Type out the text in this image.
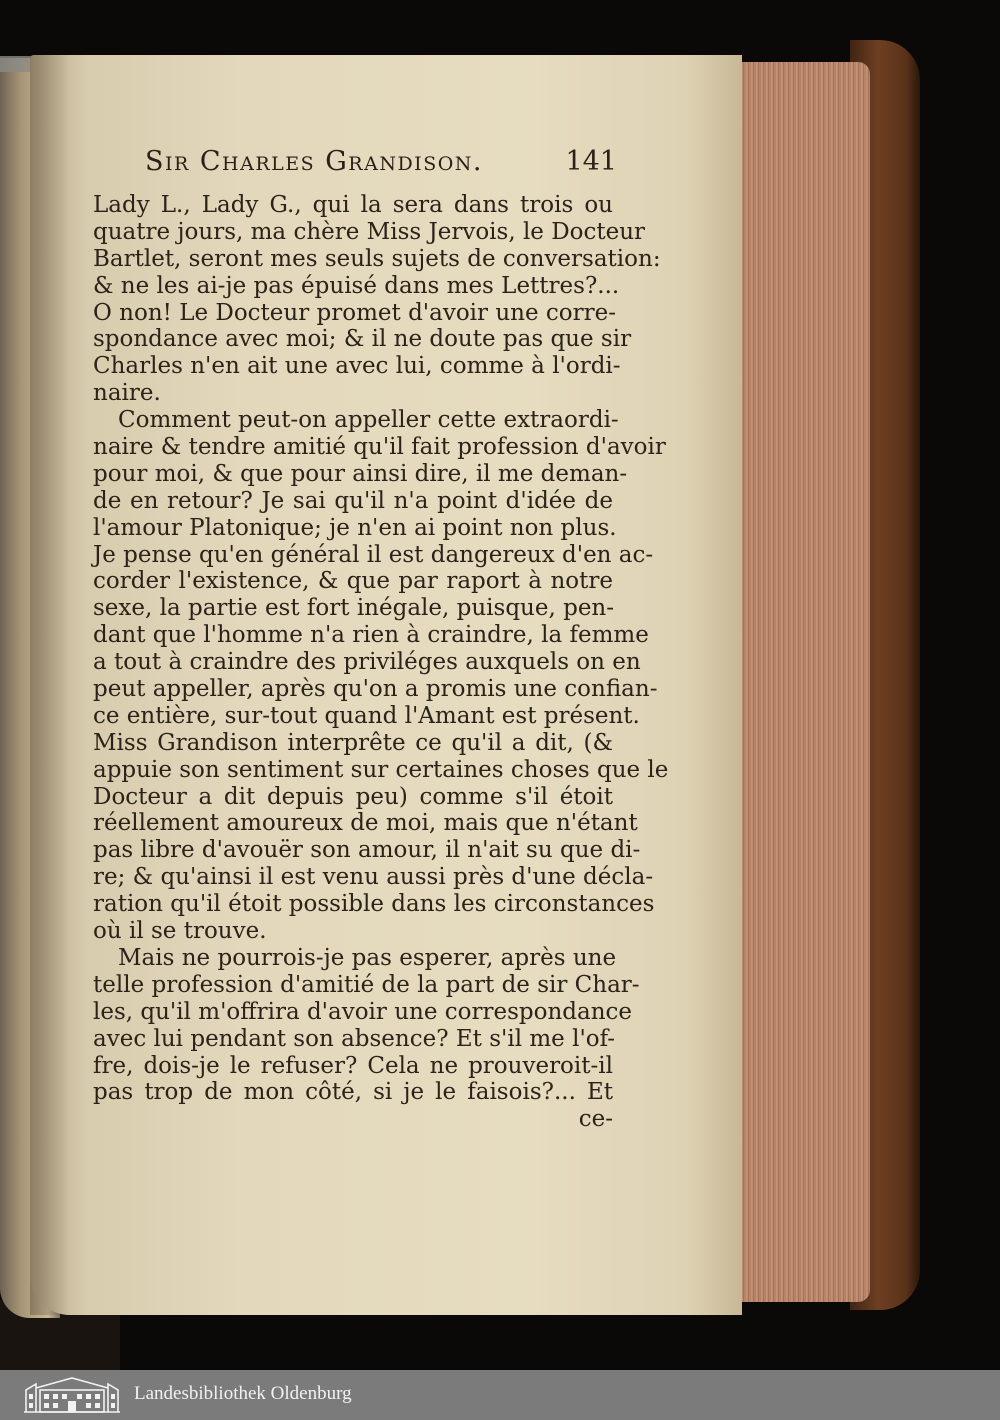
Sir Charles Grandison.	141
Lady L., Lady G., qui la sera dans trois ou
quatre jours, ma chère Miss Jervois, le Docteur
Bartlet, seront mes seuls sujets de conversation:
& ne les ai-je pas épuisé dans mes Lettres?...
O non! Le Docteur promet d'avoir une corre-
spondance avec moi; & il ne doute pas que sir
Charles n'en ait une avec lui, comme à l'ordi-
naire.
Comment peut-on appeller cette extraordi-
naire & tendre amitié qu'il fait profession d'avoir
pour moi, & que pour ainsi dire, il me deman-
de en retour? Je sai qu'il n'a point d'idée de
l'amour Platonique; je n'en ai point non plus.
Je pense qu'en général il est dangereux d'en ac-
corder l'existence, & que par raport à notre
sexe, la partie est fort inégale, puisque, pen-
dant que l'homme n'a rien à craindre, la femme
a tout à craindre des priviléges auxquels on en
peut appeller, après qu'on a promis une confian-
ce entière, sur-tout quand l'Amant est présent.
Miss Grandison interprête ce qu'il a dit, (&
appuie son sentiment sur certaines choses que le
Docteur a dit depuis peu) comme s'il étoit
réellement amoureux de moi, mais que n'étant
pas libre d'avouër son amour, il n'ait su que di-
re; & qu'ainsi il est venu aussi près d'une décla-
ration qu'il étoit possible dans les circonstances
où il se trouve.
Mais ne pourrois-je pas esperer, après une
telle profession d'amitié de la part de sir Char-
les, qu'il m'offrira d'avoir une correspondance
avec lui pendant son absence? Et s'il me l'of-
fre, dois-je le refuser? Cela ne prouveroit-il
pas trop de mon côté, si je le faisois?... Et
ce-
Landesbibliothek Oldenburg
